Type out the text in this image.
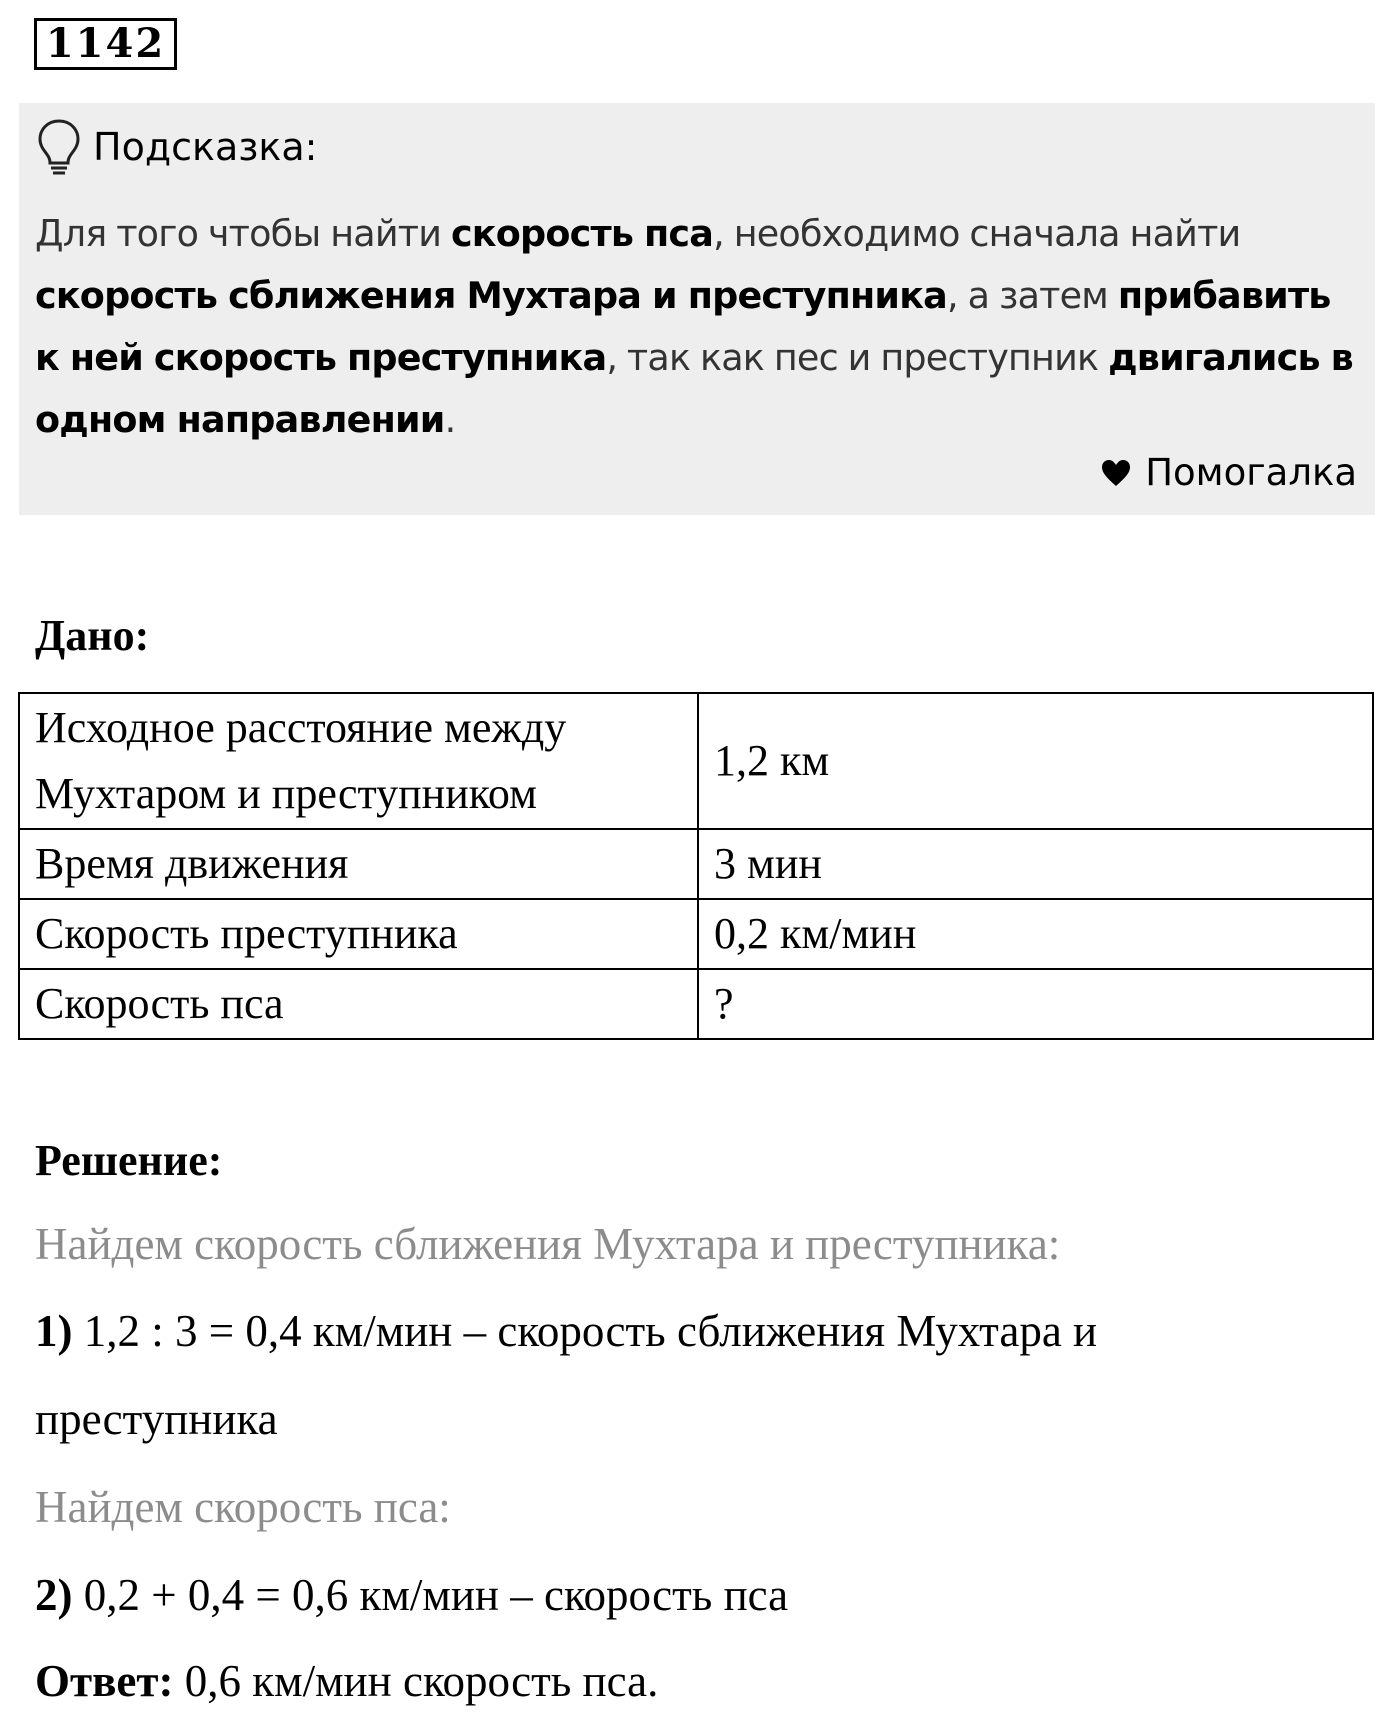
1142
Подсказка:
Для того чтобы найти скорость пса, необходимо сначала найти скорость сближения Мухтара и преступника, а затем прибавить к ней скорость преступника, так как пес и преступник двигались в одном направлении.
Помогалка
Дано:
Исходное расстояние между Мухтаром и преступником	1,2 км
Время движения	3 мин
Скорость преступника	0,2 км/мин
Скорость пса	?
Решение:
Найдем скорость сближения Мухтара и преступника:
1) 1,2 : 3 = 0,4 км/мин – скорость сближения Мухтара и
преступника
Найдем скорость пса:
2) 0,2 + 0,4 = 0,6 км/мин – скорость пса
Ответ: 0,6 км/мин скорость пса.
